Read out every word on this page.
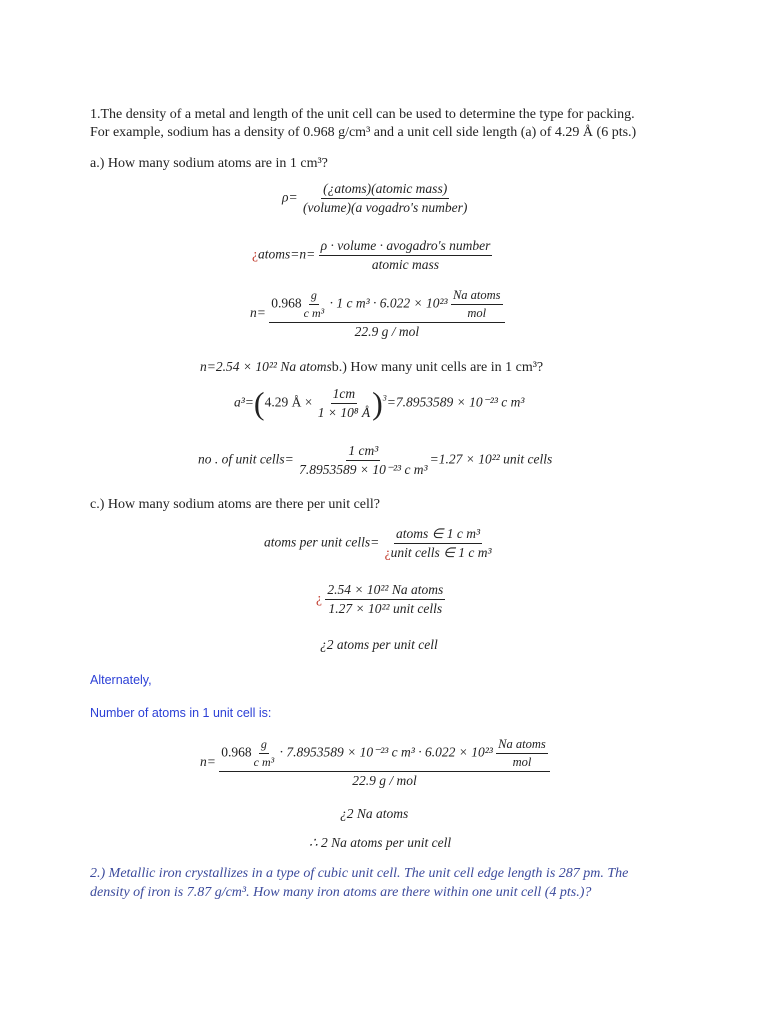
1.The density of a metal and length of the unit cell can be used to determine the type for packing.
For example, sodium has a density of 0.968 g/cm³ and a unit cell side length (a) of 4.29 Å (6 pts.)
a.) How many sodium atoms are in 1 cm³?
$\rho= \frac{\text{(¿atoms)(atomic mass)}}{\text{(volume)(a vogadro's number)}}$
¿atoms=n= $\frac{\text{ρ · volume · avogadro's number}}{\text{atomic mass}}$
n=
$0.968 \frac{g}{\text{c m³}} \cdot 1$ c $m^3 \cdot 6.022 \times 10^{23} \frac{\text{Na atoms}}{\text{mol}}$
22.9 g / mol
n=2.54 × 10²² Na atomsb.) How many unit cells are in 1 cm³?
a³=(4.29 Å × $\frac{1cm}{\text{1 × 10⁸ Å}} )^3=7.8953589 \times 10^{-23}$ c m³
no . of unit cells= $\frac{\text{1 cm³}}{\text{7.8953589 × 10⁻²³ c m³}} =1.27 \times 10^{22}$ unit cells
c.) How many sodium atoms are there per unit cell?
atoms per unit cells= $\frac{\text{atoms ∈ 1 c m³}}{\text{¿unit cells ∈ 1 c m³}}$
¿ $\frac{\text{2.54 × 10²² Na atoms}}{\text{1.27 × 10²² unit cells}}$
¿2 atoms per unit cell
Alternately,
Number of atoms in 1 unit cell is:
n=
$0.968 \frac{g}{\text{c m³}} \cdot 7.8953589 \times 10^{-23}$ c $m^3 \cdot 6.022 \times 10^{23} \frac{\text{Na atoms}}{\text{mol}}$
22.9 g / mol
¿2 Na atoms
∴ 2 Na atoms per unit cell
2.) Metallic iron crystallizes in a type of cubic unit cell. The unit cell edge length is 287 pm. The
density of iron is 7.87 g/cm³. How many iron atoms are there within one unit cell (4 pts.)?
